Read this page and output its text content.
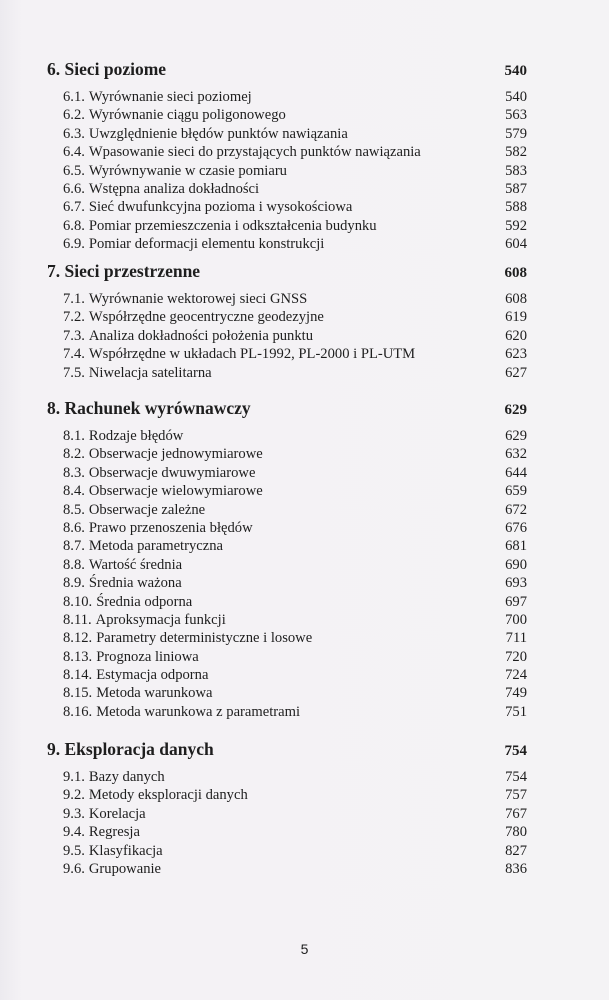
6. Sieci poziome	540
6.1. Wyrównanie sieci poziomej	540
6.2. Wyrównanie ciągu poligonowego	563
6.3. Uwzględnienie błędów punktów nawiązania	579
6.4. Wpasowanie sieci do przystających punktów nawiązania	582
6.5. Wyrównywanie w czasie pomiaru	583
6.6. Wstępna analiza dokładności	587
6.7. Sieć dwufunkcyjna pozioma i wysokościowa	588
6.8. Pomiar przemieszczenia i odkształcenia budynku	592
6.9. Pomiar deformacji elementu konstrukcji	604
7. Sieci przestrzenne	608
7.1. Wyrównanie wektorowej sieci GNSS	608
7.2. Współrzędne geocentryczne geodezyjne	619
7.3. Analiza dokładności położenia punktu	620
7.4. Współrzędne w układach PL-1992, PL-2000 i PL-UTM	623
7.5. Niwelacja satelitarna	627
8. Rachunek wyrównawczy	629
8.1. Rodzaje błędów	629
8.2. Obserwacje jednowymiarowe	632
8.3. Obserwacje dwuwymiarowe	644
8.4. Obserwacje wielowymiarowe	659
8.5. Obserwacje zależne	672
8.6. Prawo przenoszenia błędów	676
8.7. Metoda parametryczna	681
8.8. Wartość średnia	690
8.9. Średnia ważona	693
8.10. Średnia odporna	697
8.11. Aproksymacja funkcji	700
8.12. Parametry deterministyczne i losowe	711
8.13. Prognoza liniowa	720
8.14. Estymacja odporna	724
8.15. Metoda warunkowa	749
8.16. Metoda warunkowa z parametrami	751
9. Eksploracja danych	754
9.1. Bazy danych	754
9.2. Metody eksploracji danych	757
9.3. Korelacja	767
9.4. Regresja	780
9.5. Klasyfikacja	827
9.6. Grupowanie	836
5
